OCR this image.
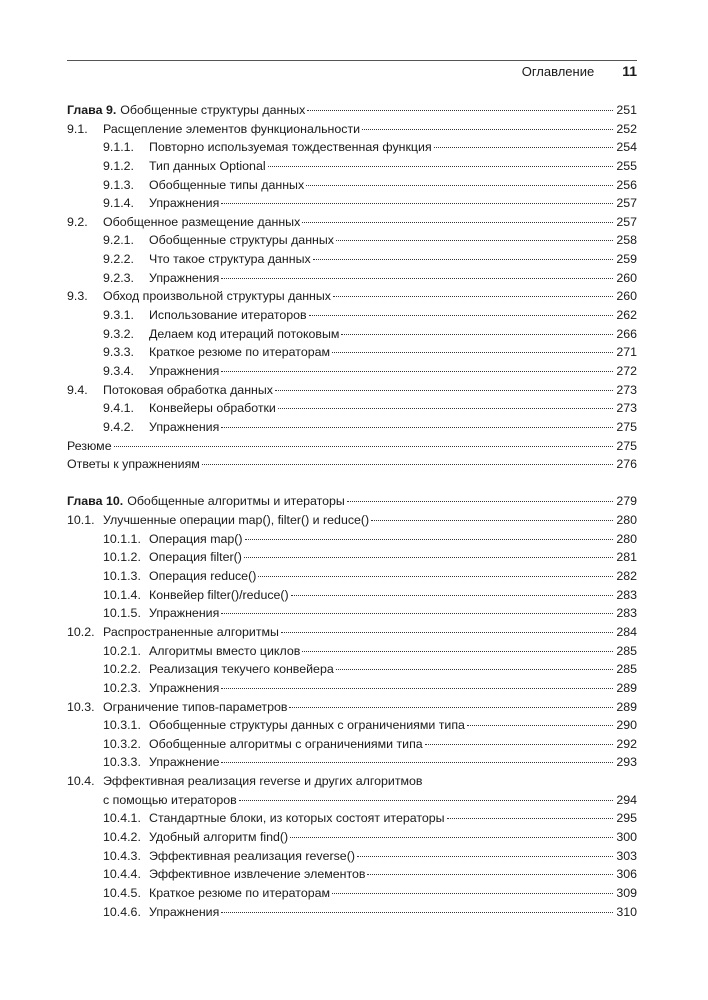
Оглавление 11
Глава 9. Обобщенные структуры данных	251
9.1.	Расщепление элементов функциональности	252
9.1.1.	Повторно используемая тождественная функция	254
9.1.2.	Тип данных Optional	255
9.1.3.	Обобщенные типы данных	256
9.1.4.	Упражнения	257
9.2.	Обобщенное размещение данных	257
9.2.1.	Обобщенные структуры данных	258
9.2.2.	Что такое структура данных	259
9.2.3.	Упражнения	260
9.3.	Обход произвольной структуры данных	260
9.3.1.	Использование итераторов	262
9.3.2.	Делаем код итераций потоковым	266
9.3.3.	Краткое резюме по итераторам	271
9.3.4.	Упражнения	272
9.4.	Потоковая обработка данных	273
9.4.1.	Конвейеры обработки	273
9.4.2.	Упражнения	275
Резюме	275
Ответы к упражнениям	276
Глава 10. Обобщенные алгоритмы и итераторы	279
10.1. Улучшенные операции map(), filter() и reduce()	280
10.1.1. Операция map()	280
10.1.2. Операция filter()	281
10.1.3. Операция reduce()	282
10.1.4. Конвейер filter()/reduce()	283
10.1.5. Упражнения	283
10.2. Распространенные алгоритмы	284
10.2.1. Алгоритмы вместо циклов	285
10.2.2. Реализация текучего конвейера	285
10.2.3. Упражнения	289
10.3. Ограничение типов-параметров	289
10.3.1. Обобщенные структуры данных с ограничениями типа	290
10.3.2. Обобщенные алгоритмы с ограничениями типа	292
10.3.3. Упражнение	293
10.4. Эффективная реализация reverse и других алгоритмов
с помощью итераторов	294
10.4.1. Стандартные блоки, из которых состоят итераторы	295
10.4.2. Удобный алгоритм find()	300
10.4.3. Эффективная реализация reverse()	303
10.4.4. Эффективное извлечение элементов	306
10.4.5. Краткое резюме по итераторам	309
10.4.6. Упражнения	310
